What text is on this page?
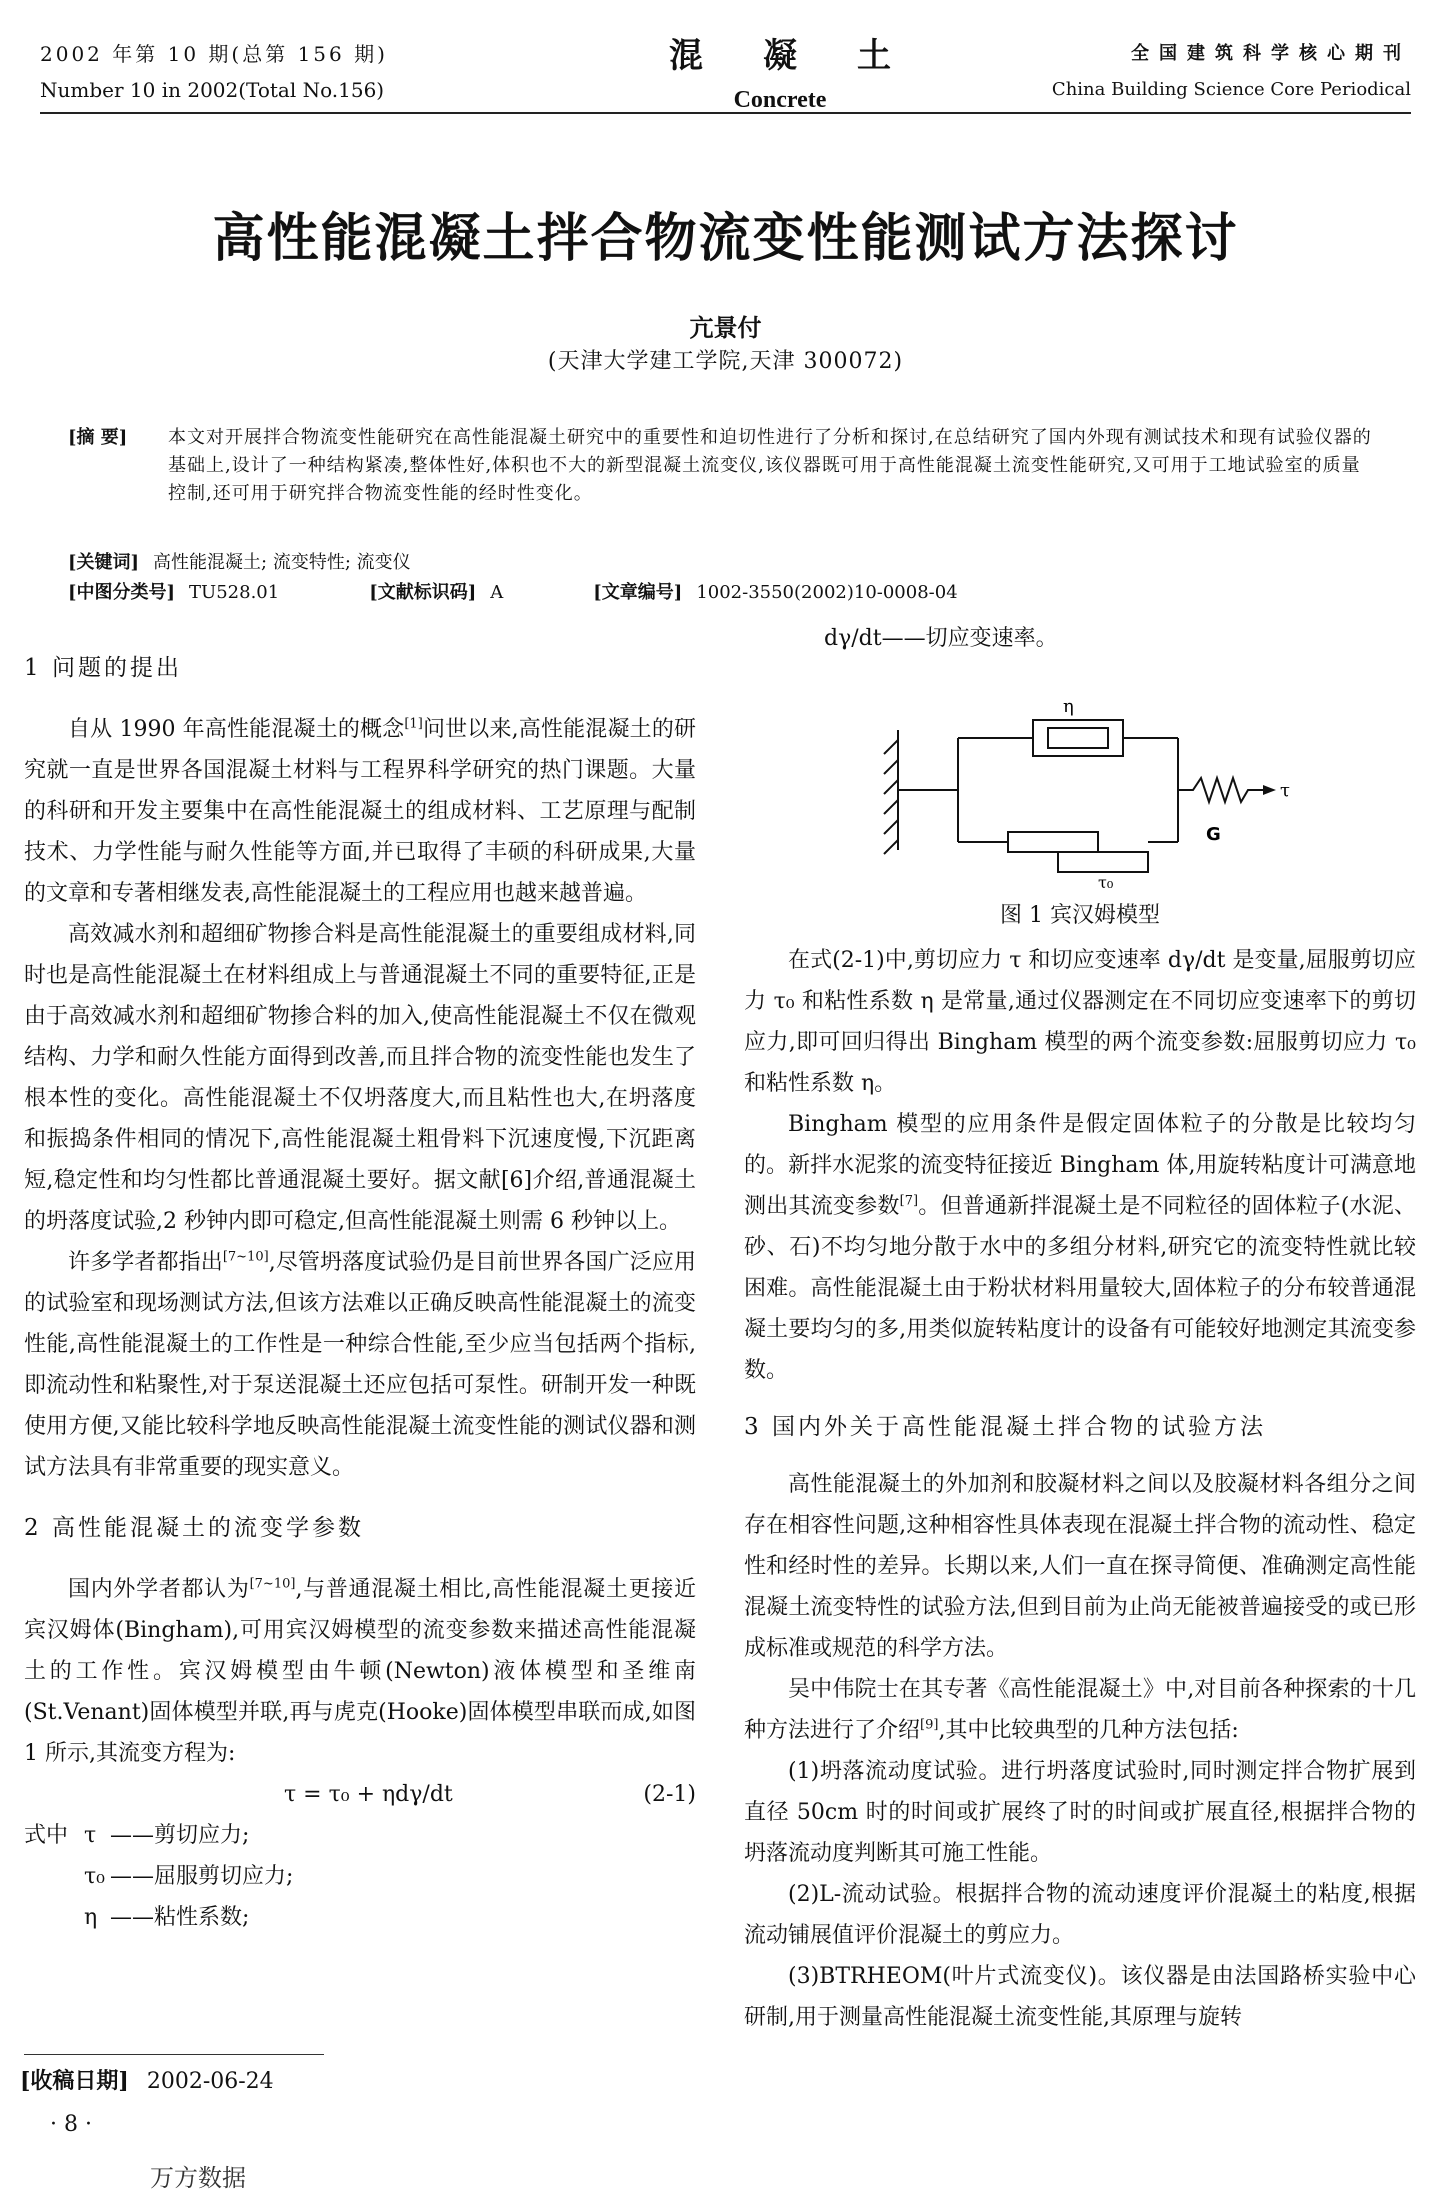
2002 年第 10 期(总第 156 期)
Number 10 in 2002(Total No.156)
混凝土
Concrete
全国建筑科学核心期刊
China Building Science Core Periodical
高性能混凝土拌合物流变性能测试方法探讨
亢景付
(天津大学建工学院,天津 300072)
[摘 要]	本文对开展拌合物流变性能研究在高性能混凝土研究中的重要性和迫切性进行了分析和探讨,在总结研究了国内外现有测试技术和现有试验仪器的基础上,设计了一种结构紧凑,整体性好,体积也不大的新型混凝土流变仪,该仪器既可用于高性能混凝土流变性能研究,又可用于工地试验室的质量控制,还可用于研究拌合物流变性能的经时性变化。
[关键词] 高性能混凝土; 流变特性; 流变仪
[中图分类号] TU528.01	[文献标识码] A	[文章编号] 1002-3550(2002)10-0008-04
1 问题的提出

自从 1990 年高性能混凝土的概念[1]问世以来,高性能混凝土的研究就一直是世界各国混凝土材料与工程界科学研究的热门课题。大量的科研和开发主要集中在高性能混凝土的组成材料、工艺原理与配制技术、力学性能与耐久性能等方面,并已取得了丰硕的科研成果,大量的文章和专著相继发表,高性能混凝土的工程应用也越来越普遍。

高效减水剂和超细矿物掺合料是高性能混凝土的重要组成材料,同时也是高性能混凝土在材料组成上与普通混凝土不同的重要特征,正是由于高效减水剂和超细矿物掺合料的加入,使高性能混凝土不仅在微观结构、力学和耐久性能方面得到改善,而且拌合物的流变性能也发生了根本性的变化。高性能混凝土不仅坍落度大,而且粘性也大,在坍落度和振捣条件相同的情况下,高性能混凝土粗骨料下沉速度慢,下沉距离短,稳定性和均匀性都比普通混凝土要好。据文献[6]介绍,普通混凝土的坍落度试验,2 秒钟内即可稳定,但高性能混凝土则需 6 秒钟以上。

许多学者都指出[7~10],尽管坍落度试验仍是目前世界各国广泛应用的试验室和现场测试方法,但该方法难以正确反映高性能混凝土的流变性能,高性能混凝土的工作性是一种综合性能,至少应当包括两个指标,即流动性和粘聚性,对于泵送混凝土还应包括可泵性。研制开发一种既使用方便,又能比较科学地反映高性能混凝土流变性能的测试仪器和测试方法具有非常重要的现实意义。

2 高性能混凝土的流变学参数

国内外学者都认为[7~10],与普通混凝土相比,高性能混凝土更接近宾汉姆体(Bingham),可用宾汉姆模型的流变参数来描述高性能混凝土的工作性。宾汉姆模型由牛顿(Newton)液体模型和圣维南(St.Venant)固体模型并联,再与虎克(Hooke)固体模型串联而成,如图 1 所示,其流变方程为:

τ = τ₀ + ηdγ/dt	(2-1)
式中 τ ——剪切应力;
τ₀ ——屈服剪切应力;
η ——粘性系数;
dγ/dt——切应变速率。
η
τ
G
τ₀
图 1 宾汉姆模型

在式(2-1)中,剪切应力 τ 和切应变速率 dγ/dt 是变量,屈服剪切应力 τ₀ 和粘性系数 η 是常量,通过仪器测定在不同切应变速率下的剪切应力,即可回归得出 Bingham 模型的两个流变参数:屈服剪切应力 τ₀ 和粘性系数 η。

Bingham 模型的应用条件是假定固体粒子的分散是比较均匀的。新拌水泥浆的流变特征接近 Bingham 体,用旋转粘度计可满意地测出其流变参数[7]。但普通新拌混凝土是不同粒径的固体粒子(水泥、砂、石)不均匀地分散于水中的多组分材料,研究它的流变特性就比较困难。高性能混凝土由于粉状材料用量较大,固体粒子的分布较普通混凝土要均匀的多,用类似旋转粘度计的设备有可能较好地测定其流变参数。

3 国内外关于高性能混凝土拌合物的试验方法

高性能混凝土的外加剂和胶凝材料之间以及胶凝材料各组分之间存在相容性问题,这种相容性具体表现在混凝土拌合物的流动性、稳定性和经时性的差异。长期以来,人们一直在探寻简便、准确测定高性能混凝土流变特性的试验方法,但到目前为止尚无能被普遍接受的或已形成标准或规范的科学方法。

吴中伟院士在其专著《高性能混凝土》中,对目前各种探索的十几种方法进行了介绍[9],其中比较典型的几种方法包括:

(1)坍落流动度试验。进行坍落度试验时,同时测定拌合物扩展到直径 50cm 时的时间或扩展终了时的时间或扩展直径,根据拌合物的坍落流动度判断其可施工性能。

(2)L-流动试验。根据拌合物的流动速度评价混凝土的粘度,根据流动铺展值评价混凝土的剪应力。

(3)BTRHEOM(叶片式流变仪)。该仪器是由法国路桥实验中心研制,用于测量高性能混凝土流变性能,其原理与旋转

[收稿日期] 2002-06-24
· 8 ·
万方数据
